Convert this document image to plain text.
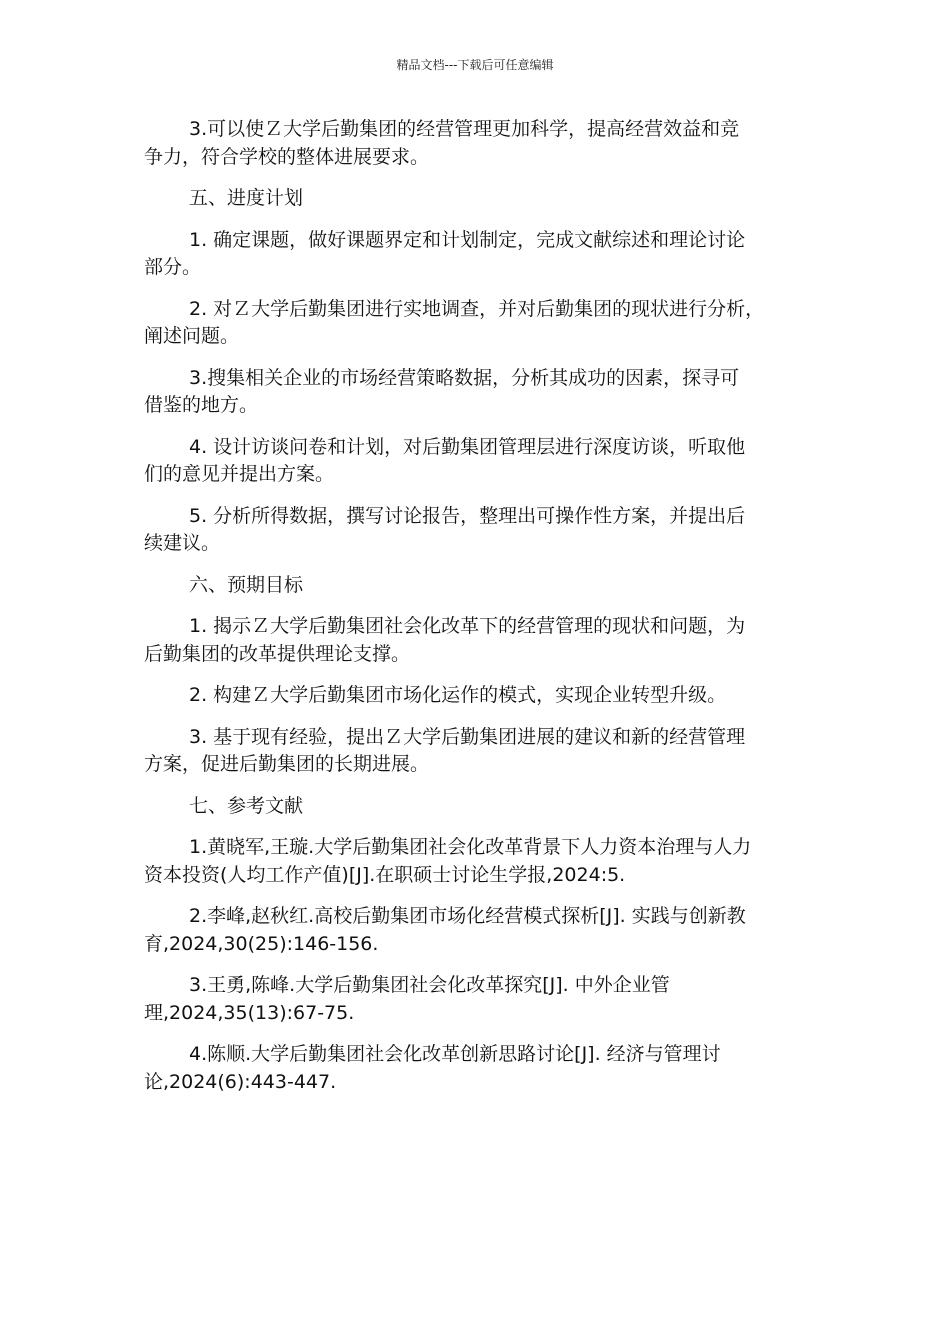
精品文档---下载后可任意编辑

3.可以使Ｚ大学后勤集团的经营管理更加科学，提高经营效益和竞
争力，符合学校的整体进展要求。

五、进度计划

1. 确定课题，做好课题界定和计划制定，完成文献综述和理论讨论
部分。

2. 对Ｚ大学后勤集团进行实地调查，并对后勤集团的现状进行分析，
阐述问题。

3.搜集相关企业的市场经营策略数据，分析其成功的因素，探寻可
借鉴的地方。

4. 设计访谈问卷和计划，对后勤集团管理层进行深度访谈，听取他
们的意见并提出方案。

5. 分析所得数据，撰写讨论报告，整理出可操作性方案，并提出后
续建议。

六、预期目标

1. 揭示Ｚ大学后勤集团社会化改革下的经营管理的现状和问题，为
后勤集团的改革提供理论支撑。

2. 构建Ｚ大学后勤集团市场化运作的模式，实现企业转型升级。

3. 基于现有经验，提出Ｚ大学后勤集团进展的建议和新的经营管理
方案，促进后勤集团的长期进展。

七、参考文献

1.黄晓军,王璇.大学后勤集团社会化改革背景下人力资本治理与人力
资本投资(人均工作产值)[J].在职硕士讨论生学报,2024:5.

2.李峰,赵秋红.高校后勤集团市场化经营模式探析[J]. 实践与创新教
育,2024,30(25):146-156.

3.王勇,陈峰.大学后勤集团社会化改革探究[J]. 中外企业管
理,2024,35(13):67-75.

4.陈顺.大学后勤集团社会化改革创新思路讨论[J]. 经济与管理讨
论,2024(6):443-447.
